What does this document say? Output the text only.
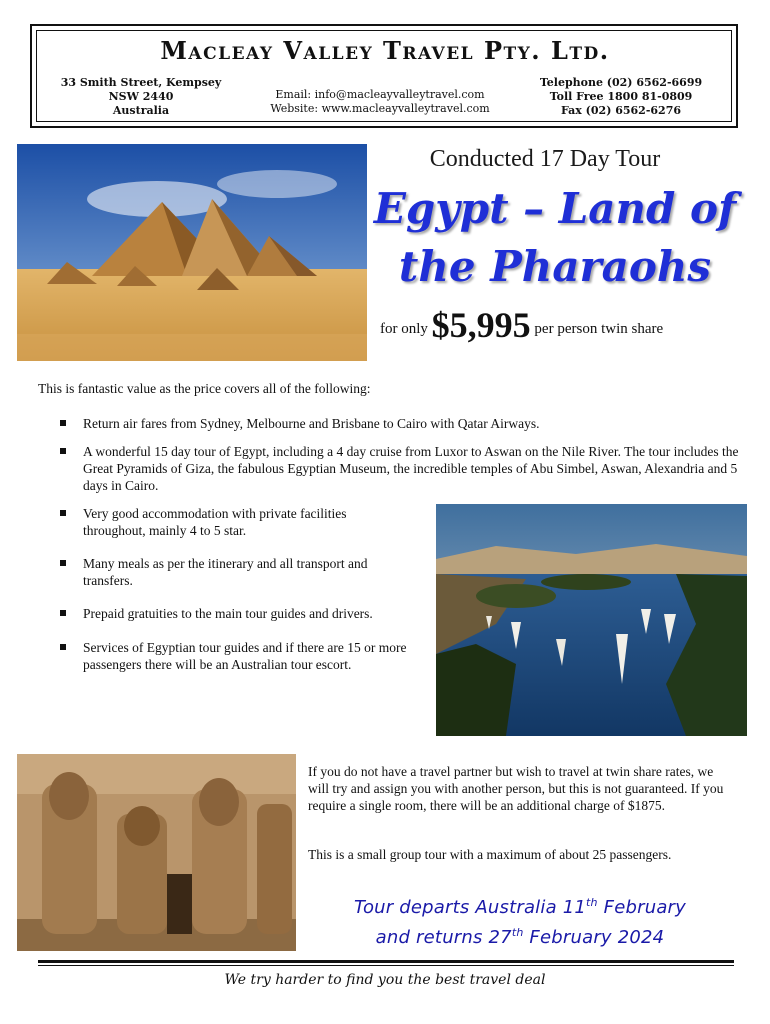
Macleay Valley Travel Pty. Ltd.
33 Smith Street, Kempsey
NSW 2440
Australia
Email: info@macleayvalleytravel.com
Website: www.macleayvalleytravel.com
Telephone (02) 6562-6699
Toll Free 1800 81-0809
Fax (02) 6562-6276
Conducted 17 Day Tour
Egypt – Land of
the Pharaohs
for only $5,995 per person twin share
This is fantastic value as the price covers all of the following:
Return air fares from Sydney, Melbourne and Brisbane to Cairo with Qatar Airways.
A wonderful 15 day tour of Egypt, including a 4 day cruise from Luxor to Aswan on the Nile River. The tour includes the Great Pyramids of Giza, the fabulous Egyptian Museum, the incredible temples of Abu Simbel, Aswan, Alexandria and 5 days in Cairo.
Very good accommodation with private facilities throughout, mainly 4 to 5 star.
Many meals as per the itinerary and all transport and transfers.
Prepaid gratuities to the main tour guides and drivers.
Services of Egyptian tour guides and if there are 15 or more passengers there will be an Australian tour escort.
If you do not have a travel partner but wish to travel at twin share rates, we will try and assign you with another person, but this is not guaranteed. If you require a single room, there will be an additional charge of $1875.
This is a small group tour with a maximum of about 25 passengers.
Tour departs Australia 11th February
and returns 27th February 2024
We try harder to find you the best travel deal
